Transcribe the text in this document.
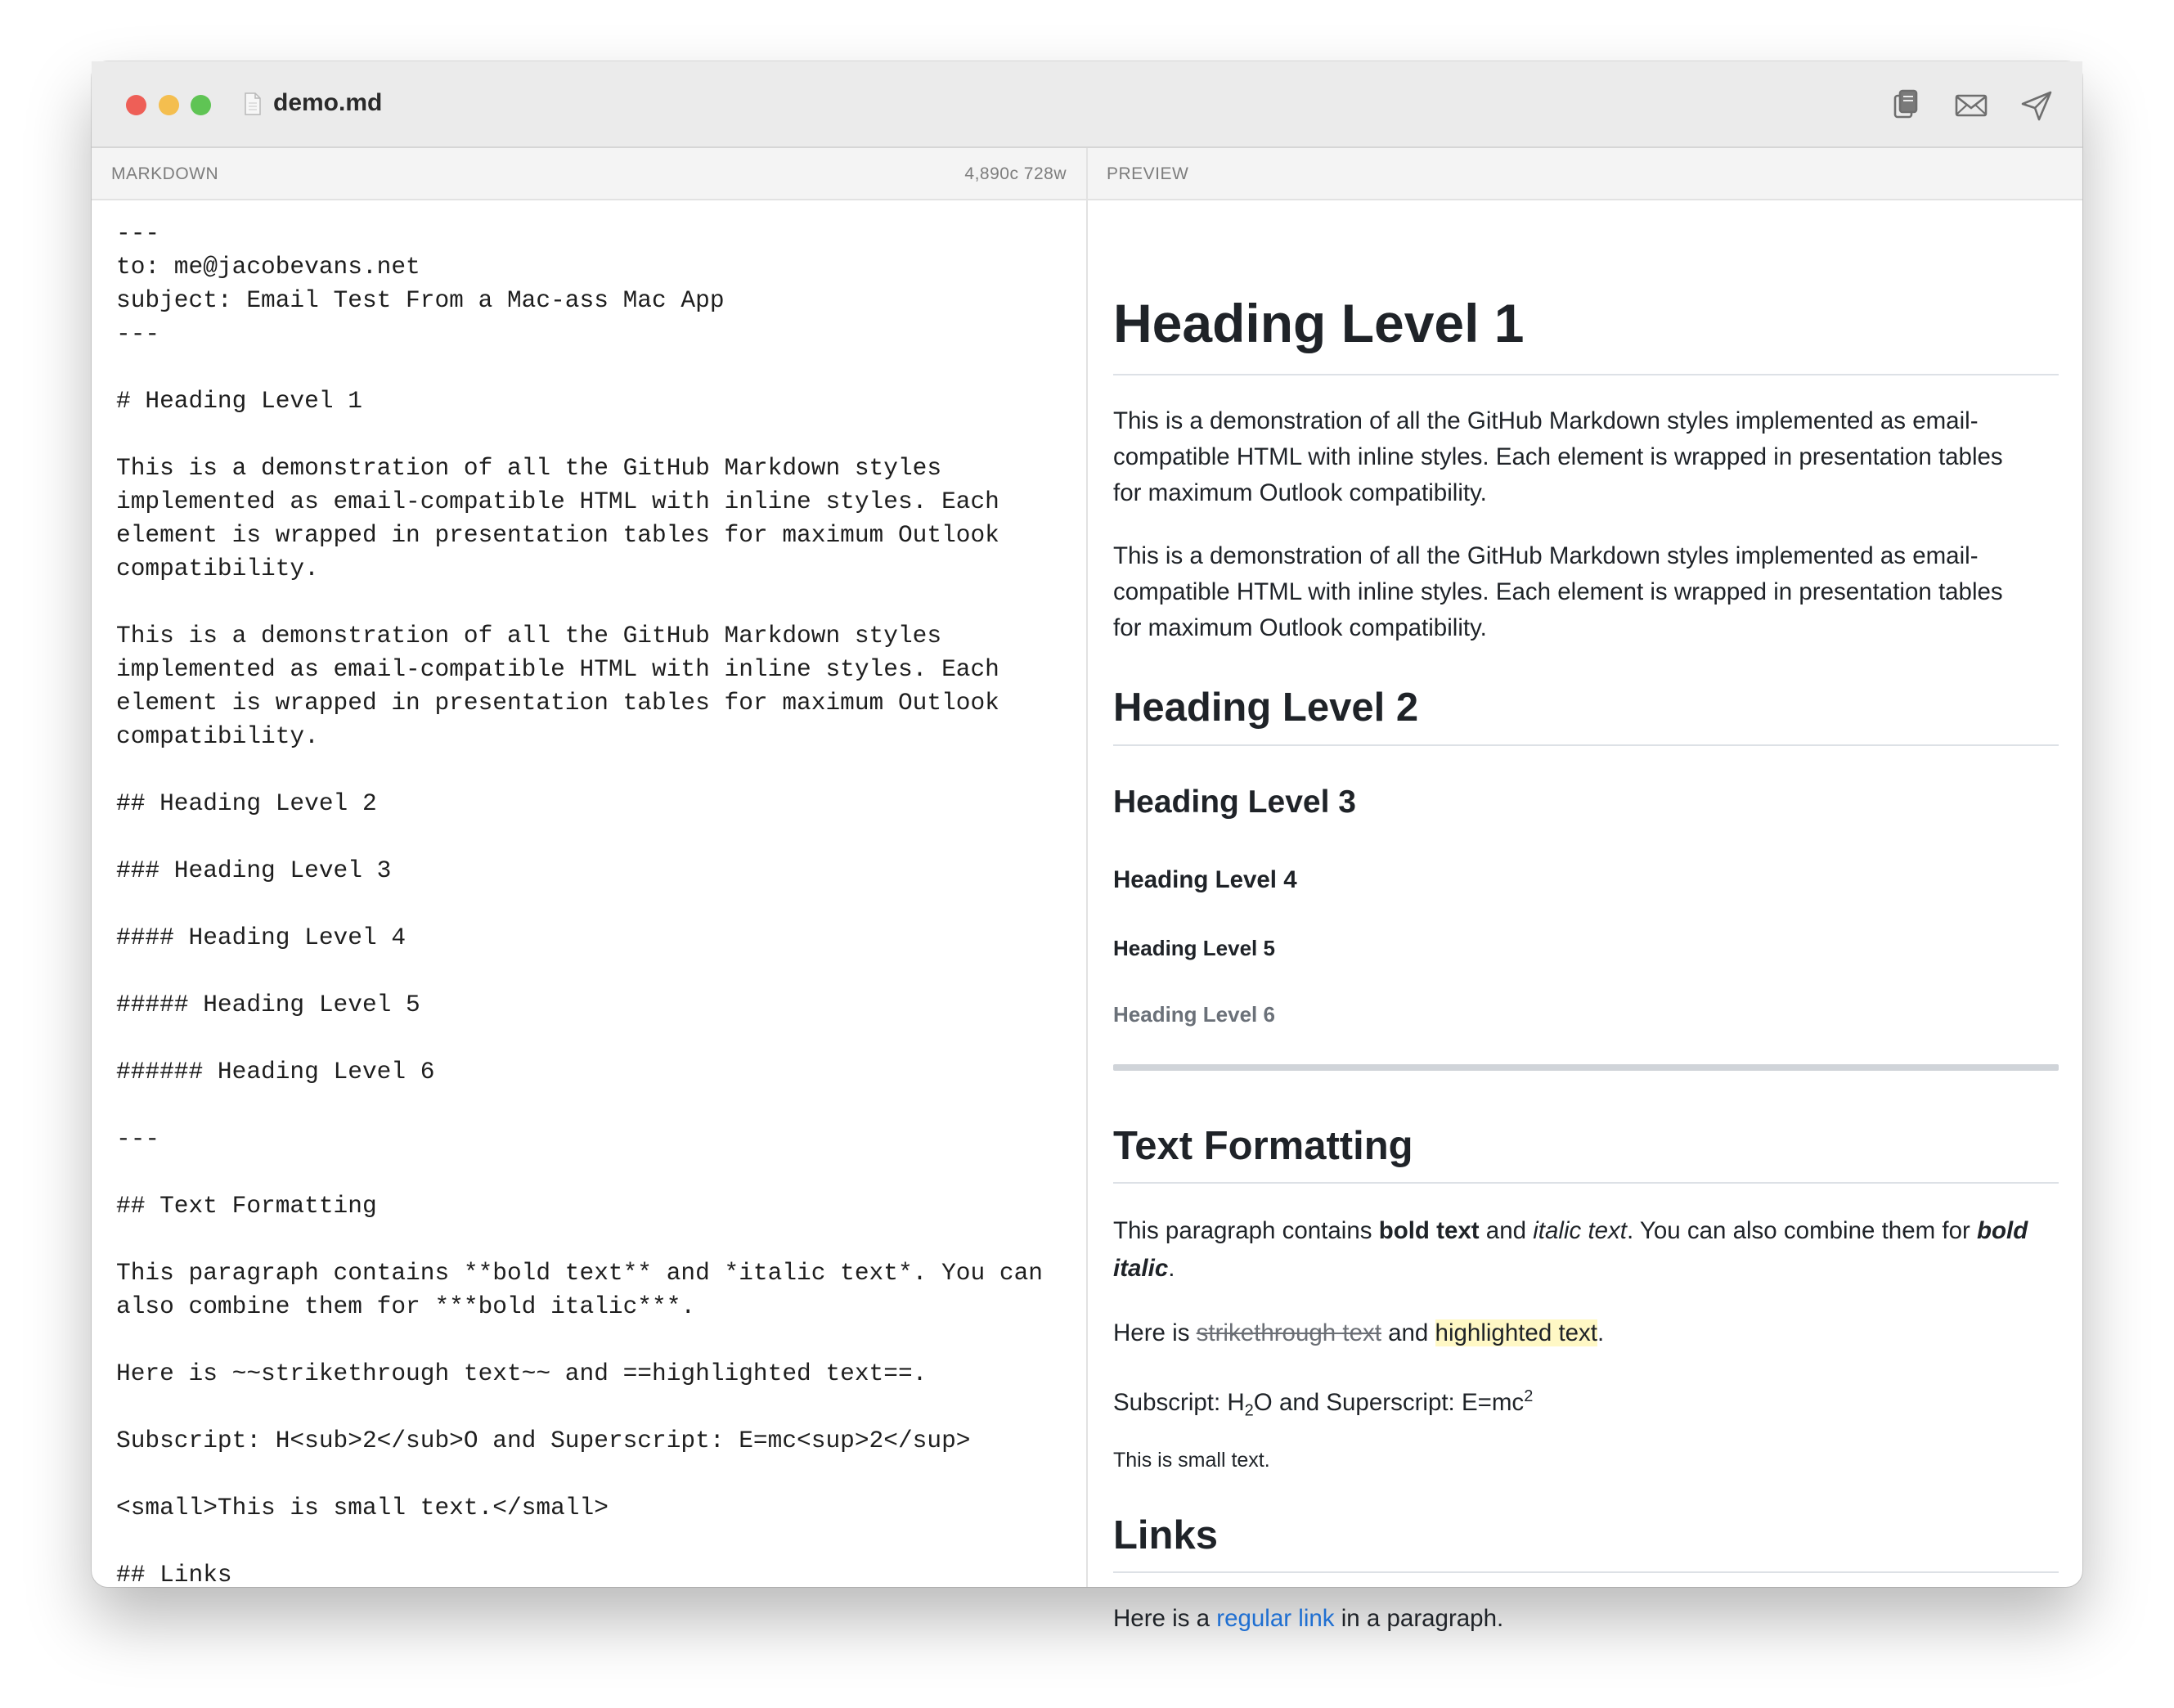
demo.md
MARKDOWN	4,890c 728w PREVIEW
---
to: me@jacobevans.net
subject: Email Test From a Mac-ass Mac App
---
# Heading Level 1
This is a demonstration of all the GitHub Markdown styles
implemented as email-compatible HTML with inline styles. Each
element is wrapped in presentation tables for maximum Outlook
compatibility.
This is a demonstration of all the GitHub Markdown styles
implemented as email-compatible HTML with inline styles. Each
element is wrapped in presentation tables for maximum Outlook
compatibility.
## Heading Level 2
### Heading Level 3
#### Heading Level 4
##### Heading Level 5
###### Heading Level 6
---
## Text Formatting
This paragraph contains **bold text** and *italic text*. You can
also combine them for ***bold italic***.
Here is ~~strikethrough text~~ and ==highlighted text==.
Subscript: H<sub>2</sub>O and Superscript: E=mc<sup>2</sup>
<small>This is small text.</small>
## Links
Heading Level 1
This is a demonstration of all the GitHub Markdown styles implemented as email-
compatible HTML with inline styles. Each element is wrapped in presentation tables
for maximum Outlook compatibility.
This is a demonstration of all the GitHub Markdown styles implemented as email-
compatible HTML with inline styles. Each element is wrapped in presentation tables
for maximum Outlook compatibility.
Heading Level 2
Heading Level 3
Heading Level 4
Heading Level 5
Heading Level 6
Text Formatting
This paragraph contains bold text and italic text. You can also combine them for bold
italic.
Here is strikethrough text and highlighted text.
Subscript: $H_2O$ and Superscript: $E=mc^2$
This is small text.
Links
Here is a regular link in a paragraph.
